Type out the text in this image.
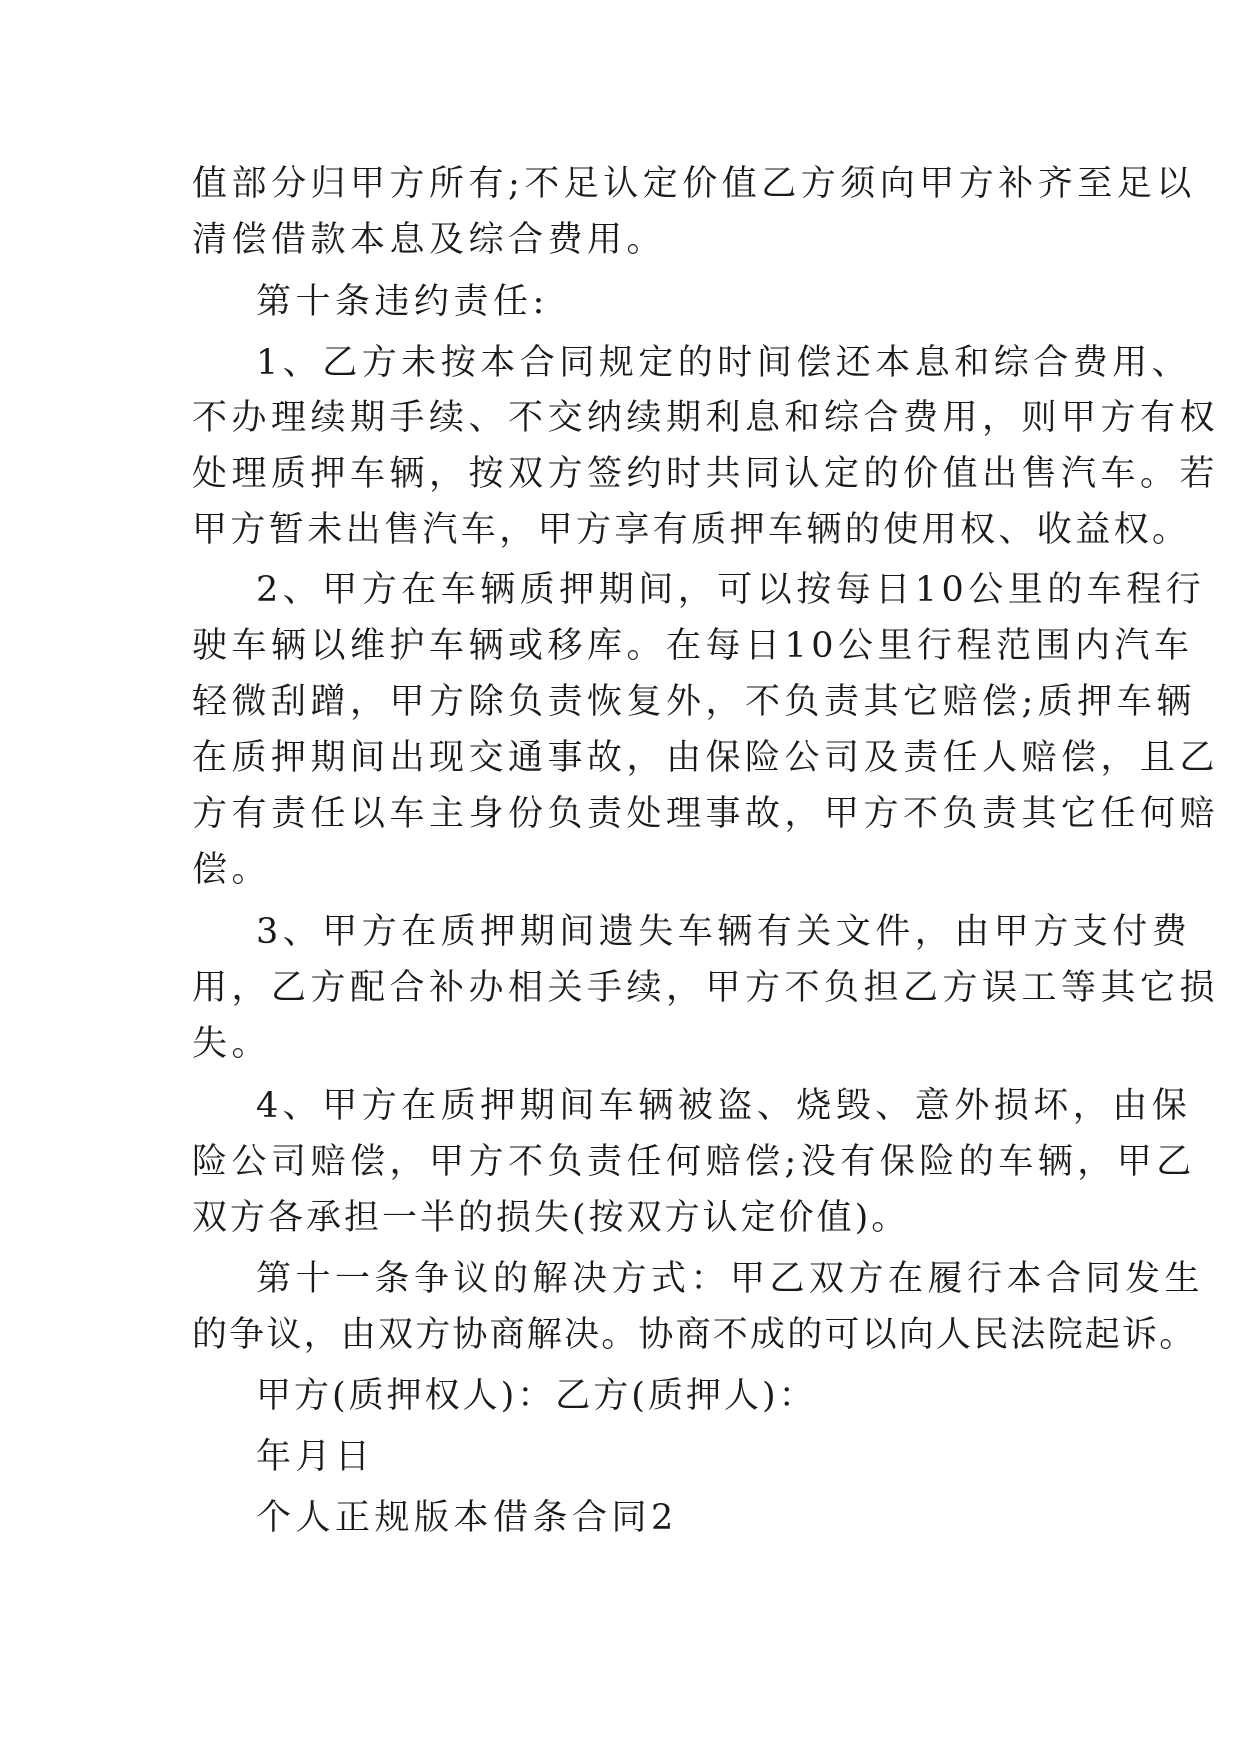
值部分归甲方所有;不足认定价值乙方须向甲方补齐至足以
清偿借款本息及综合费用。
第十条违约责任:
1、乙方未按本合同规定的时间偿还本息和综合费用、
不办理续期手续、不交纳续期利息和综合费用，则甲方有权
处理质押车辆，按双方签约时共同认定的价值出售汽车。若
甲方暂未出售汽车，甲方享有质押车辆的使用权、收益权。
2、甲方在车辆质押期间，可以按每日10公里的车程行
驶车辆以维护车辆或移库。在每日10公里行程范围内汽车
轻微刮蹭，甲方除负责恢复外，不负责其它赔偿;质押车辆
在质押期间出现交通事故，由保险公司及责任人赔偿，且乙
方有责任以车主身份负责处理事故，甲方不负责其它任何赔
偿。
3、甲方在质押期间遗失车辆有关文件，由甲方支付费
用，乙方配合补办相关手续，甲方不负担乙方误工等其它损
失。
4、甲方在质押期间车辆被盗、烧毁、意外损坏，由保
险公司赔偿，甲方不负责任何赔偿;没有保险的车辆，甲乙
双方各承担一半的损失(按双方认定价值)。
第十一条争议的解决方式：甲乙双方在履行本合同发生
的争议，由双方协商解决。协商不成的可以向人民法院起诉。
甲方(质押权人)：乙方(质押人)：
年月日
个人正规版本借条合同2
